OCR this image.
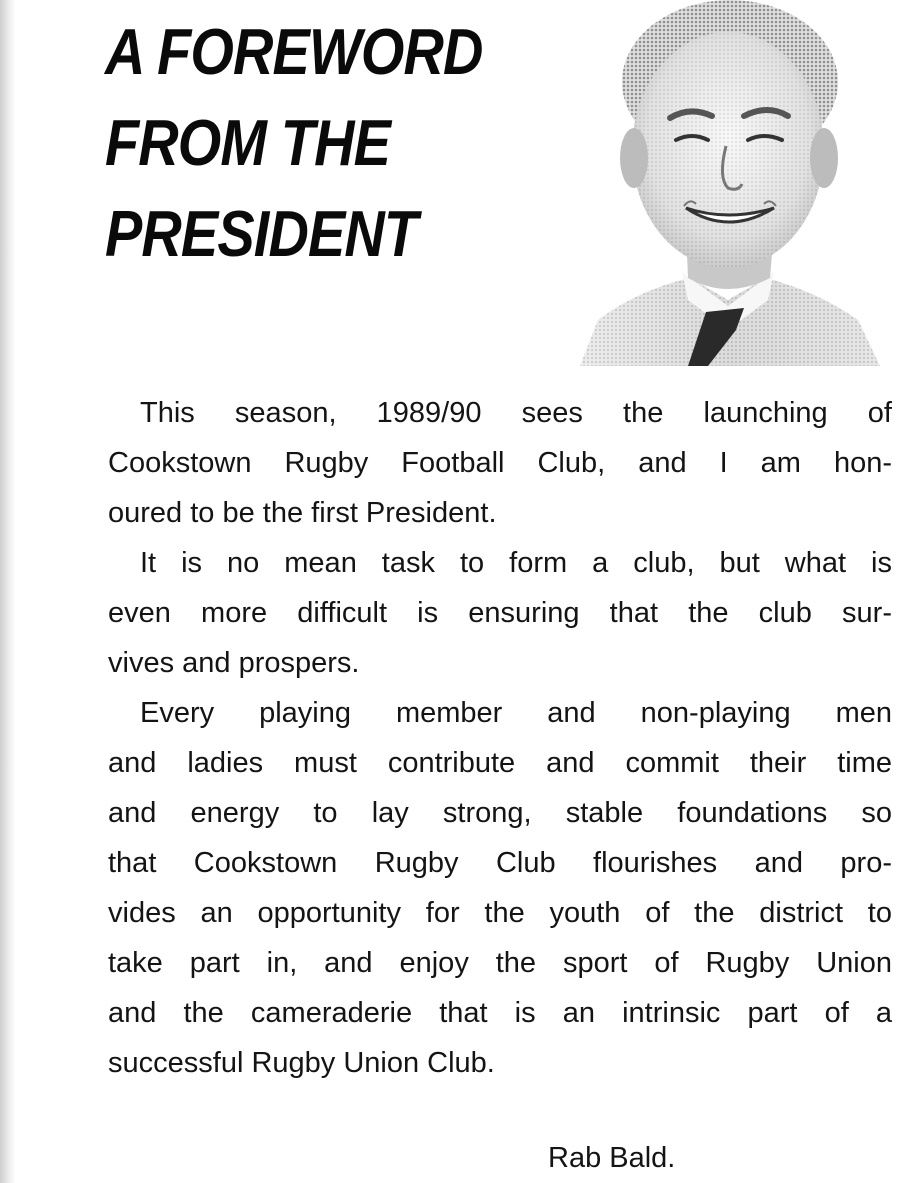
A FOREWORD
FROM THE
PRESIDENT

This season, 1989/90 sees the launching of
Cookstown Rugby Football Club, and I am hon-
oured to be the first President.

It is no mean task to form a club, but what is
even more difficult is ensuring that the club sur-
vives and prospers.

Every playing member and non-playing men
and ladies must contribute and commit their time
and energy to lay strong, stable foundations so
that Cookstown Rugby Club flourishes and pro-
vides an opportunity for the youth of the district to
take part in, and enjoy the sport of Rugby Union
and the cameraderie that is an intrinsic part of a
successful Rugby Union Club.

Rab Bald.
